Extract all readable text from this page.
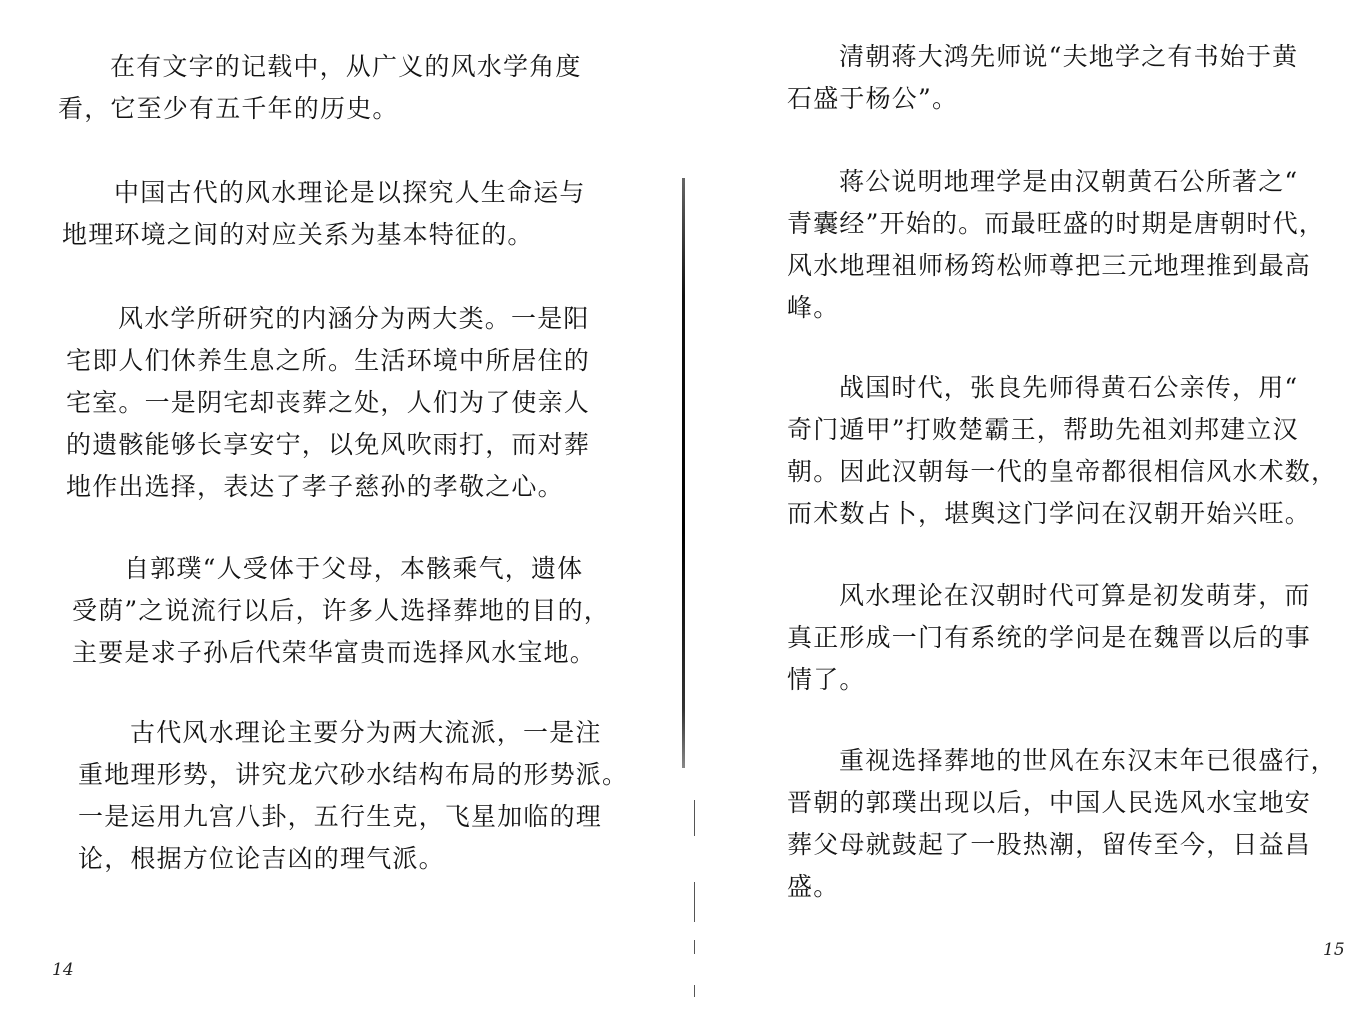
在有文字的记载中，从广义的风水学角度
看，它至少有五千年的历史。

中国古代的风水理论是以探究人生命运与
地理环境之间的对应关系为基本特征的。

风水学所研究的内涵分为两大类。一是阳
宅即人们休养生息之所。生活环境中所居住的
宅室。一是阴宅却丧葬之处，人们为了使亲人
的遗骸能够长享安宁，以免风吹雨打，而对葬
地作出选择，表达了孝子慈孙的孝敬之心。

自郭璞“人受体于父母，本骸乘气，遗体
受荫”之说流行以后，许多人选择葬地的目的，
主要是求子孙后代荣华富贵而选择风水宝地。

古代风水理论主要分为两大流派，一是注
重地理形势，讲究龙穴砂水结构布局的形势派。
一是运用九宫八卦，五行生克，飞星加临的理
论，根据方位论吉凶的理气派。

14

清朝蒋大鸿先师说“夫地学之有书始于黄
石盛于杨公”。

蒋公说明地理学是由汉朝黄石公所著之“
青囊经”开始的。而最旺盛的时期是唐朝时代，
风水地理祖师杨筠松师尊把三元地理推到最高
峰。

战国时代，张良先师得黄石公亲传，用“
奇门遁甲”打败楚霸王，帮助先祖刘邦建立汉
朝。因此汉朝每一代的皇帝都很相信风水术数，
而术数占卜，堪舆这门学问在汉朝开始兴旺。

风水理论在汉朝时代可算是初发萌芽，而
真正形成一门有系统的学问是在魏晋以后的事
情了。

重视选择葬地的世风在东汉末年已很盛行，
晋朝的郭璞出现以后，中国人民选风水宝地安
葬父母就鼓起了一股热潮，留传至今，日益昌
盛。

15
